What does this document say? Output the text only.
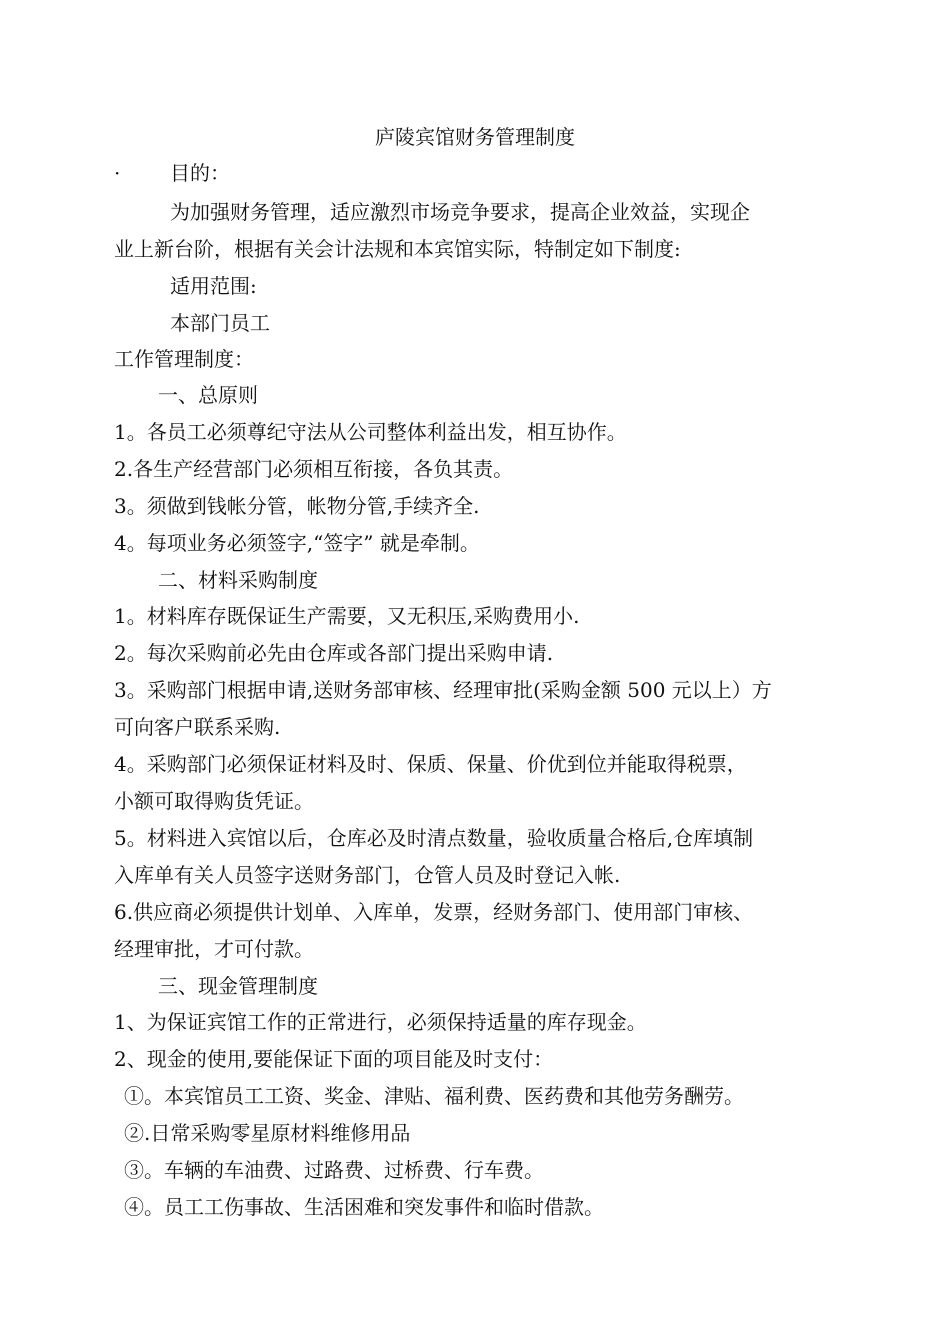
庐陵宾馆财务管理制度
· 目的：
为加强财务管理，适应激烈市场竞争要求，提高企业效益，实现企
业上新台阶，根据有关会计法规和本宾馆实际，特制定如下制度:
适用范围:
本部门员工
工作管理制度：
一、总原则
1。各员工必须尊纪守法从公司整体利益出发，相互协作。
2.各生产经营部门必须相互衔接，各负其责。
3。须做到钱帐分管，帐物分管,手续齐全.
4。每项业务必须签字,“签字” 就是牵制。
二、材料采购制度
1。材料库存既保证生产需要，又无积压,采购费用小.
2。每次采购前必先由仓库或各部门提出采购申请.
3。采购部门根据申请,送财务部审核、经理审批(采购金额 500 元以上）方
可向客户联系采购.
4。采购部门必须保证材料及时、保质、保量、价优到位并能取得税票，
小额可取得购货凭证。
5。材料进入宾馆以后，仓库必及时清点数量，验收质量合格后,仓库填制
入库单有关人员签字送财务部门，仓管人员及时登记入帐.
6.供应商必须提供计划单、入库单，发票，经财务部门、使用部门审核、
经理审批，才可付款。
三、现金管理制度
1、为保证宾馆工作的正常进行，必须保持适量的库存现金。
2、现金的使用,要能保证下面的项目能及时支付：
①。本宾馆员工工资、奖金、津贴、福利费、医药费和其他劳务酬劳。
②.日常采购零星原材料维修用品
③。车辆的车油费、过路费、过桥费、行车费。
④。员工工伤事故、生活困难和突发事件和临时借款。
